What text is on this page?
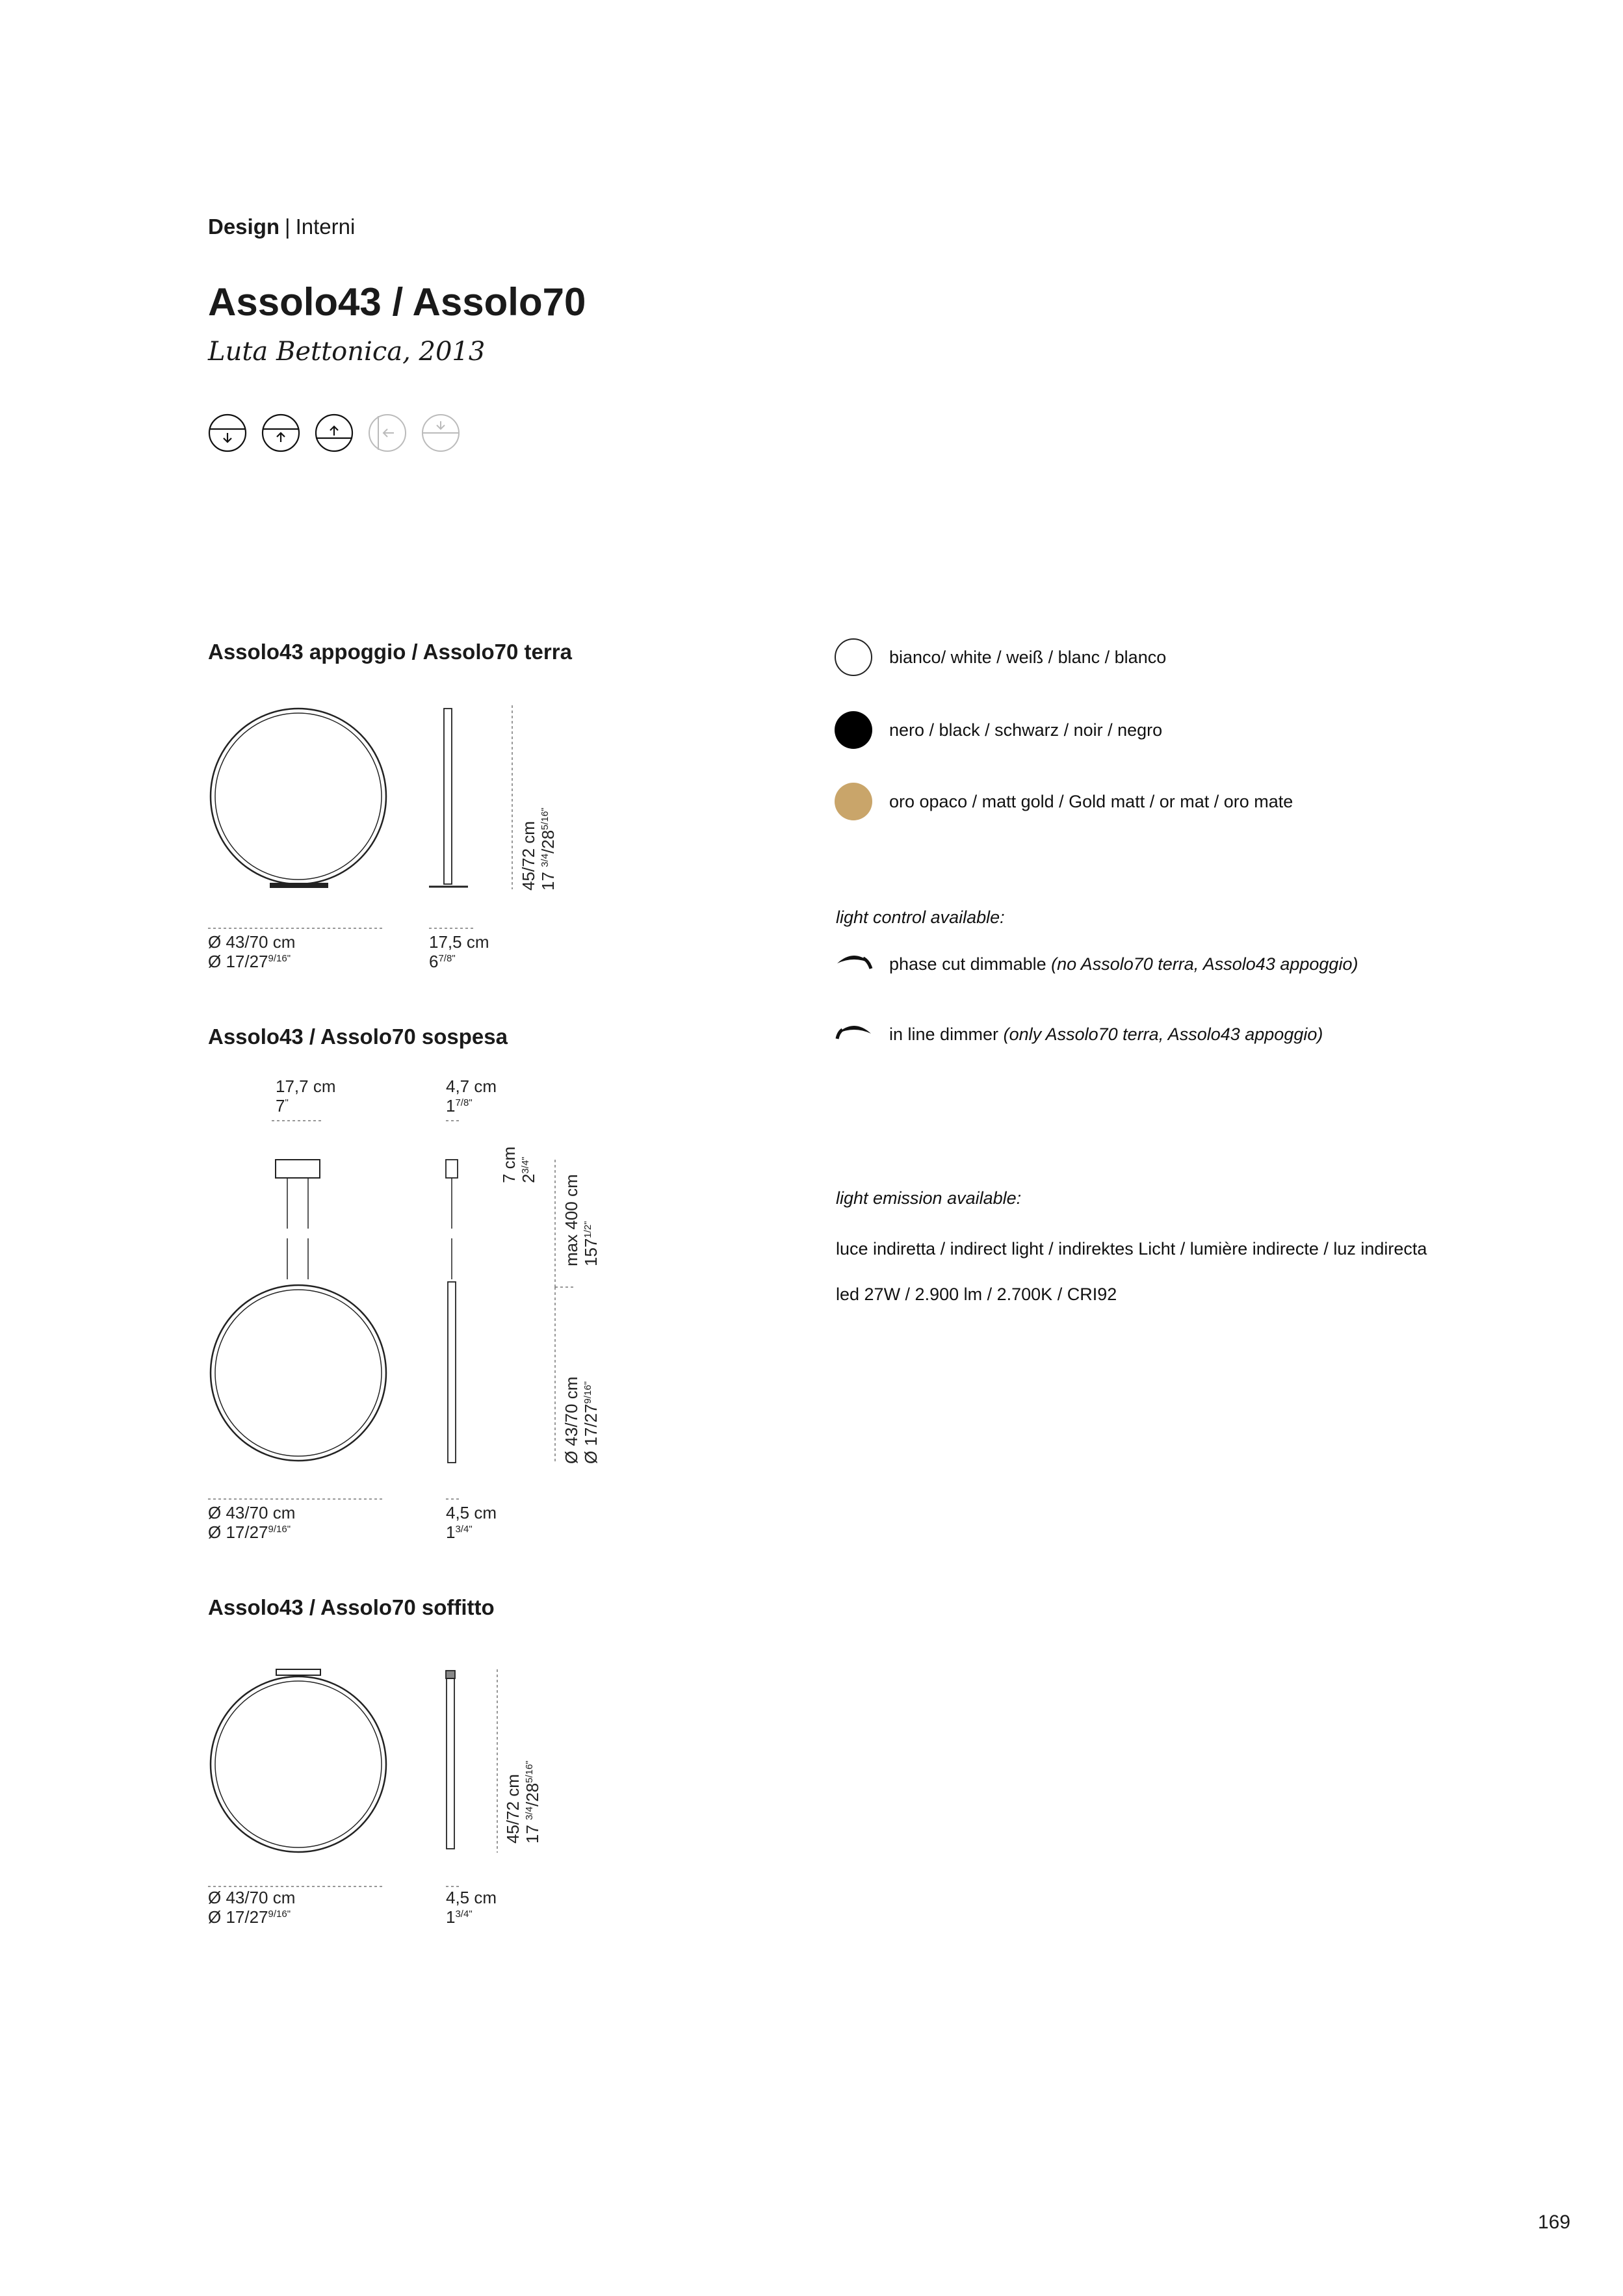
Design | Interni
Assolo43 / Assolo70
Luta Bettonica, 2013
Assolo43 appoggio / Assolo70 terra
Ø 43/70 cm
Ø $17/27^{9/16"}$
17,5 cm
$6^{7/8"}$
45/72 cm 17 $^{3/4}/28^{5/16"}$
Assolo43 / Assolo70 sospesa
17,7 cm
7"
4,7 cm
$1^{7/8"}$
7 cm $2^{3/4"}$
max 400 cm $157^{1/2"}$
Ø 43/70 cm Ø $17/27^{9/16"}$
Ø 43/70 cm
Ø $17/27^{9/16"}$
4,5 cm
$1^{3/4"}$
Assolo43 / Assolo70 soffitto
45/72 cm 17 $^{3/4}/28^{5/16"}$
Ø 43/70 cm
Ø $17/27^{9/16"}$
4,5 cm
$1^{3/4"}$
bianco/ white / weiß / blanc / blanco
nero / black / schwarz / noir / negro
oro opaco / matt gold / Gold matt / or mat / oro mate
light control available:
phase cut dimmable (no Assolo70 terra, Assolo43 appoggio)
in line dimmer (only Assolo70 terra, Assolo43 appoggio)
light emission available:
luce indiretta / indirect light / indirektes Licht / lumière indirecte / luz indirecta
led 27W / 2.900 lm / 2.700K / CRI92
169
